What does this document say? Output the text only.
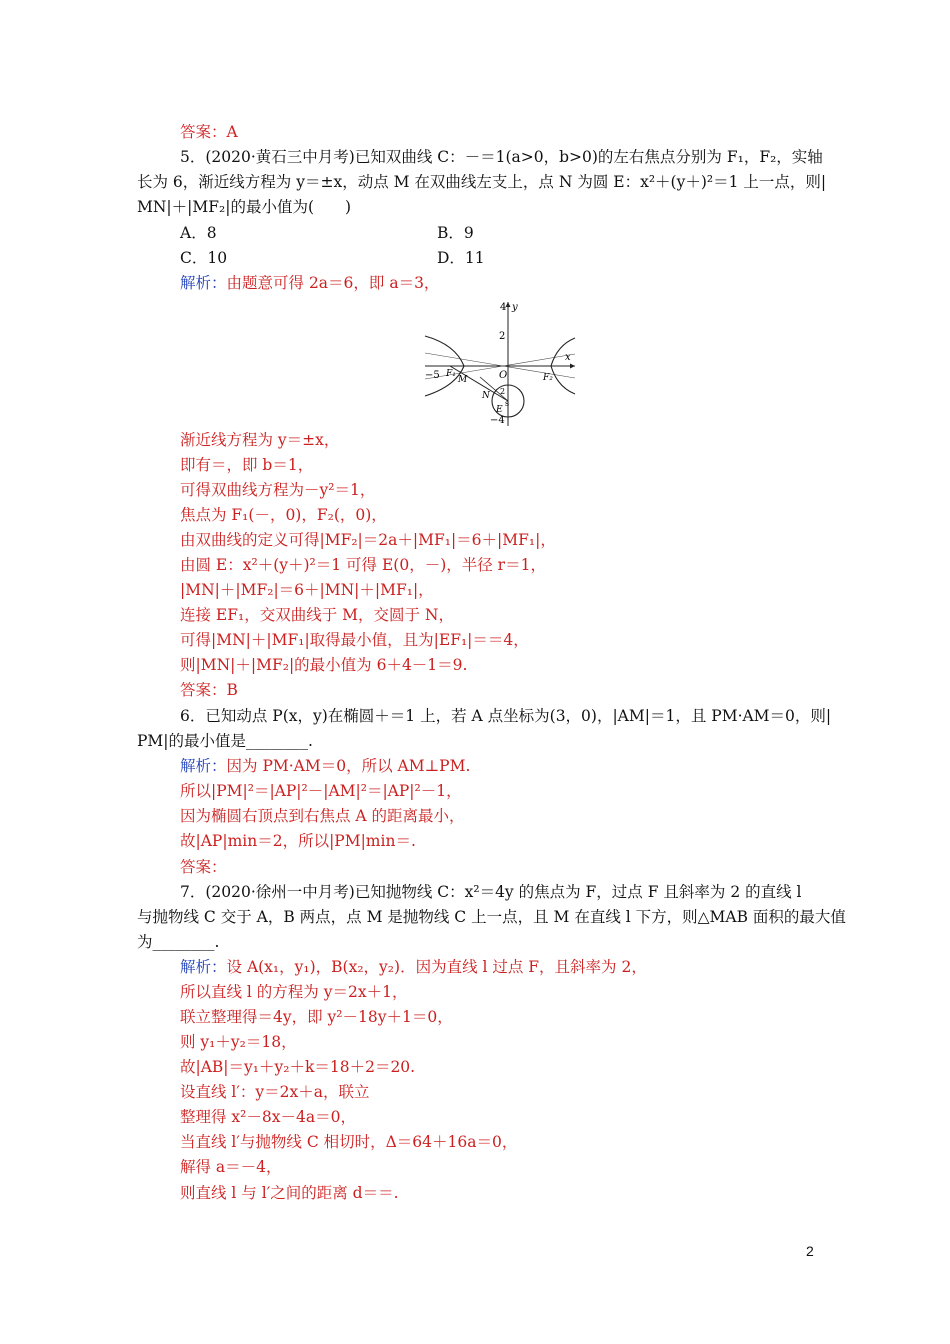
答案：A
5．(2020·黄石三中月考)已知双曲线 C：－＝1(a>0，b>0)的左右焦点分别为 F₁，F₂，实轴
长为 6，渐近线方程为 y＝±x，动点 M 在双曲线左支上，点 N 为圆 E：x²＋(y＋)²＝1 上一点，则|
MN|＋|MF₂|的最小值为(　　)
A．8	B．9
C．10	D．11
解析：由题意可得 2a＝6，即 a＝3，
4 y
2
x
−5 F₁
M	O	F₂
N 2
s
E
−4
渐近线方程为 y＝±x，
即有＝，即 b＝1，
可得双曲线方程为－y²＝1，
焦点为 F₁(－，0)，F₂(，0)，
由双曲线的定义可得|MF₂|＝2a＋|MF₁|＝6＋|MF₁|，
由圆 E：x²＋(y＋)²＝1 可得 E(0，－)，半径 r＝1，
|MN|＋|MF₂|＝6＋|MN|＋|MF₁|，
连接 EF₁，交双曲线于 M，交圆于 N，
可得|MN|＋|MF₁|取得最小值，且为|EF₁|＝＝4，
则|MN|＋|MF₂|的最小值为 6＋4－1＝9.
答案：B
6．已知动点 P(x，y)在椭圆＋＝1 上，若 A 点坐标为(3，0)，|AM|＝1，且 PM·AM＝0，则|
PM|的最小值是________.
解析：因为 PM·AM＝0，所以 AM⊥PM.
所以|PM|²＝|AP|²－|AM|²＝|AP|²－1，
因为椭圆右顶点到右焦点 A 的距离最小，
故|AP|min＝2，所以|PM|min＝.
答案：
7．(2020·徐州一中月考)已知抛物线 C：x²＝4y 的焦点为 F，过点 F 且斜率为 2 的直线 l
与抛物线 C 交于 A，B 两点，点 M 是抛物线 C 上一点，且 M 在直线 l 下方，则△MAB 面积的最大值
为________.
解析：设 A(x₁，y₁)，B(x₂，y₂)．因为直线 l 过点 F，且斜率为 2，
所以直线 l 的方程为 y＝2x＋1，
联立整理得＝4y，即 y²－18y＋1＝0，
则 y₁＋y₂＝18，
故|AB|＝y₁＋y₂＋k＝18＋2＝20.
设直线 l′：y＝2x＋a，联立
整理得 x²－8x－4a＝0，
当直线 l′与抛物线 C 相切时，Δ＝64＋16a＝0，
解得 a＝－4，
则直线 l 与 l′之间的距离 d＝＝.
2
